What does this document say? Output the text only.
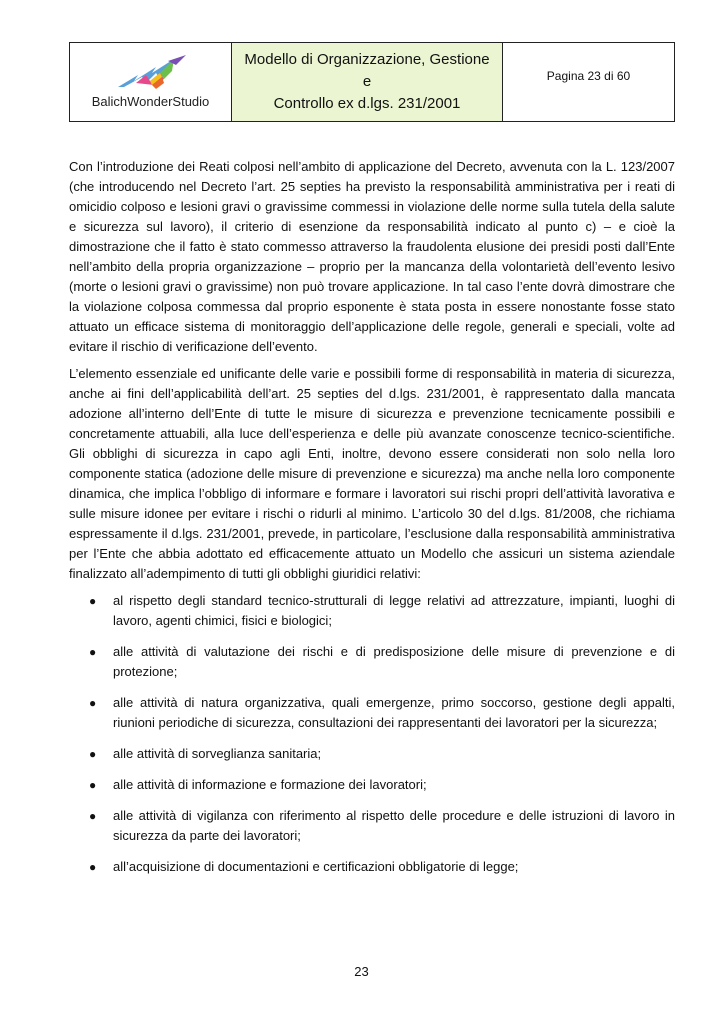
BalichWonderStudio
Modello di Organizzazione, Gestione e
Controllo ex d.lgs. 231/2001
Pagina 23 di 60

Con l’introduzione dei Reati colposi nell’ambito di applicazione del Decreto, avvenuta con la L. 123/2007 (che introducendo nel Decreto l’art. 25 septies ha previsto la responsabilità amministrativa per i reati di omicidio colposo e lesioni gravi o gravissime commessi in violazione delle norme sulla tutela della salute e sicurezza sul lavoro), il criterio di esenzione da responsabilità indicato al punto c) – e cioè la dimostrazione che il fatto è stato commesso attraverso la fraudolenta elusione dei presidi posti dall’Ente nell’ambito della propria organizzazione – proprio per la mancanza della volontarietà dell’evento lesivo (morte o lesioni gravi o gravissime) non può trovare applicazione. In tal caso l’ente dovrà dimostrare che la violazione colposa commessa dal proprio esponente è stata posta in essere nonostante fosse stato attuato un efficace sistema di monitoraggio dell’applicazione delle regole, generali e speciali, volte ad evitare il rischio di verificazione dell’evento.

L’elemento essenziale ed unificante delle varie e possibili forme di responsabilità in materia di sicurezza, anche ai fini dell’applicabilità dell’art. 25 septies del d.lgs. 231/2001, è rappresentato dalla mancata adozione all’interno dell’Ente di tutte le misure di sicurezza e prevenzione tecnicamente possibili e concretamente attuabili, alla luce dell’esperienza e delle più avanzate conoscenze tecnico-scientifiche. Gli obblighi di sicurezza in capo agli Enti, inoltre, devono essere considerati non solo nella loro componente statica (adozione delle misure di prevenzione e sicurezza) ma anche nella loro componente dinamica, che implica l’obbligo di informare e formare i lavoratori sui rischi propri dell’attività lavorativa e sulle misure idonee per evitare i rischi o ridurli al minimo. L’articolo 30 del d.lgs. 81/2008, che richiama espressamente il d.lgs. 231/2001, prevede, in particolare, l’esclusione dalla responsabilità amministrativa per l’Ente che abbia adottato ed efficacemente attuato un Modello che assicuri un sistema aziendale finalizzato all’adempimento di tutti gli obblighi giuridici relativi:

● al rispetto degli standard tecnico-strutturali di legge relativi ad attrezzature, impianti, luoghi di lavoro, agenti chimici, fisici e biologici;
● alle attività di valutazione dei rischi e di predisposizione delle misure di prevenzione e di protezione;
● alle attività di natura organizzativa, quali emergenze, primo soccorso, gestione degli appalti, riunioni periodiche di sicurezza, consultazioni dei rappresentanti dei lavoratori per la sicurezza;
● alle attività di sorveglianza sanitaria;
● alle attività di informazione e formazione dei lavoratori;
● alle attività di vigilanza con riferimento al rispetto delle procedure e delle istruzioni di lavoro in sicurezza da parte dei lavoratori;
● all’acquisizione di documentazioni e certificazioni obbligatorie di legge;
23
